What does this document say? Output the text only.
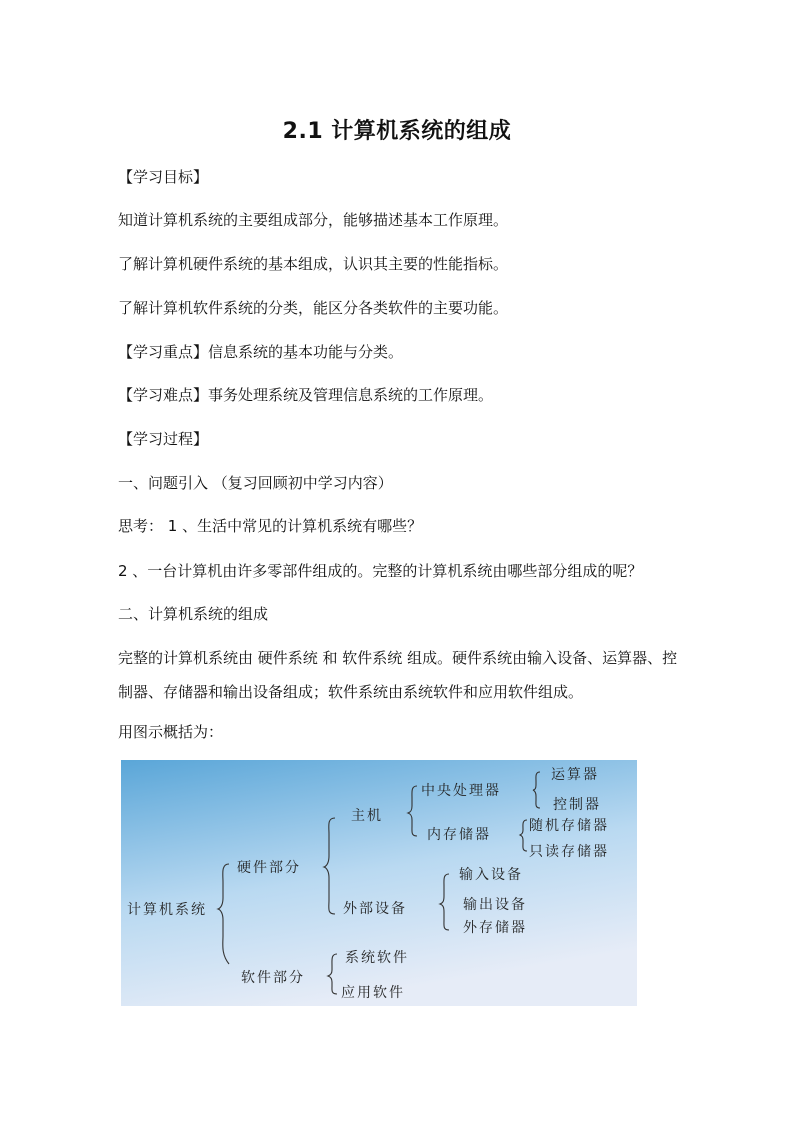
2.1 计算机系统的组成
【学习目标】
知道计算机系统的主要组成部分，能够描述基本工作原理。
了解计算机硬件系统的基本组成，认识其主要的性能指标。
了解计算机软件系统的分类，能区分各类软件的主要功能。
【学习重点】信息系统的基本功能与分类。
【学习难点】事务处理系统及管理信息系统的工作原理。
【学习过程】
一、问题引入 （复习回顾初中学习内容）
思考： 1 、生活中常见的计算机系统有哪些？
2 、一台计算机由许多零部件组成的。完整的计算机系统由哪些部分组成的呢？
二、计算机系统的组成
完整的计算机系统由 硬件系统 和 软件系统 组成。硬件系统由输入设备、运算器、控制器、存储器和输出设备组成；软件系统由系统软件和应用软件组成。
用图示概括为：
计算机系统
硬件部分
主机
中央处理器
运算器
控制器
内存储器
随机存储器
只读存储器
外部设备
输入设备
输出设备
外存储器
软件部分
系统软件
应用软件
